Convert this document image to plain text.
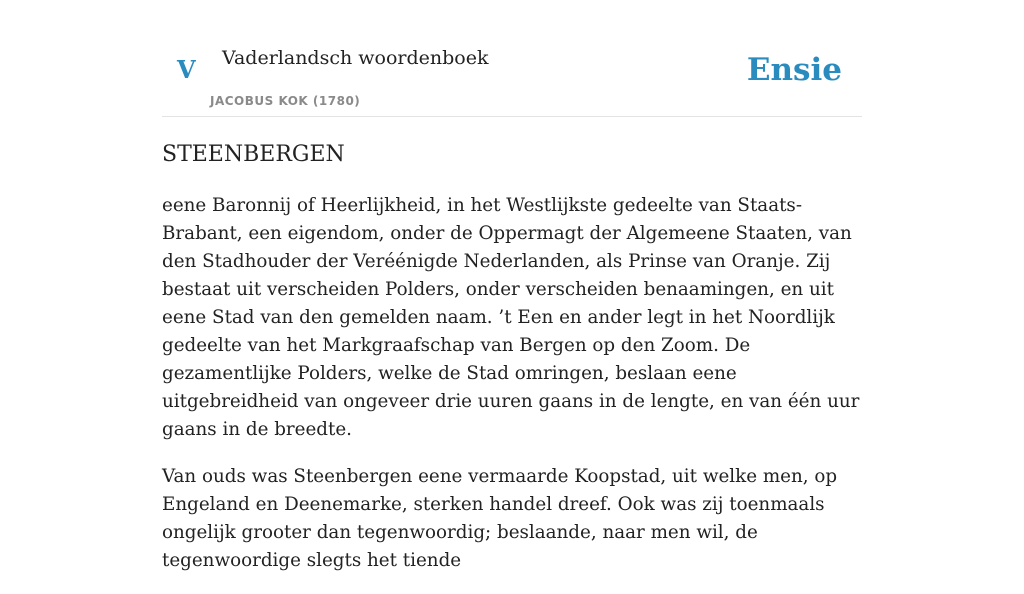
V Vaderlandsch woordenboek
JACOBUS KOK (1780)
Ensie
STEENBERGEN

eene Baronnij of Heerlijkheid, in het Westlijkste gedeelte van Staats-Brabant, een eigendom, onder de Oppermagt der Algemeene Staaten, van den Stadhouder der Veréénigde Nederlanden, als Prinse van Oranje. Zij bestaat uit verscheiden Polders, onder verscheiden benaamingen, en uit eene Stad van den gemelden naam. ’t Een en ander legt in het Noordlijk gedeelte van het Markgraafschap van Bergen op den Zoom. De gezamentlijke Polders, welke de Stad omringen, beslaan eene uitgebreidheid van ongeveer drie uuren gaans in de lengte, en van één uur gaans in de breedte.

Van ouds was Steenbergen eene vermaarde Koopstad, uit welke men, op Engeland en Deenemarke, sterken handel dreef. Ook was zij toenmaals ongelijk grooter dan tegenwoordig; beslaande, naar men wil, de tegenwoordige slegts het tiende
